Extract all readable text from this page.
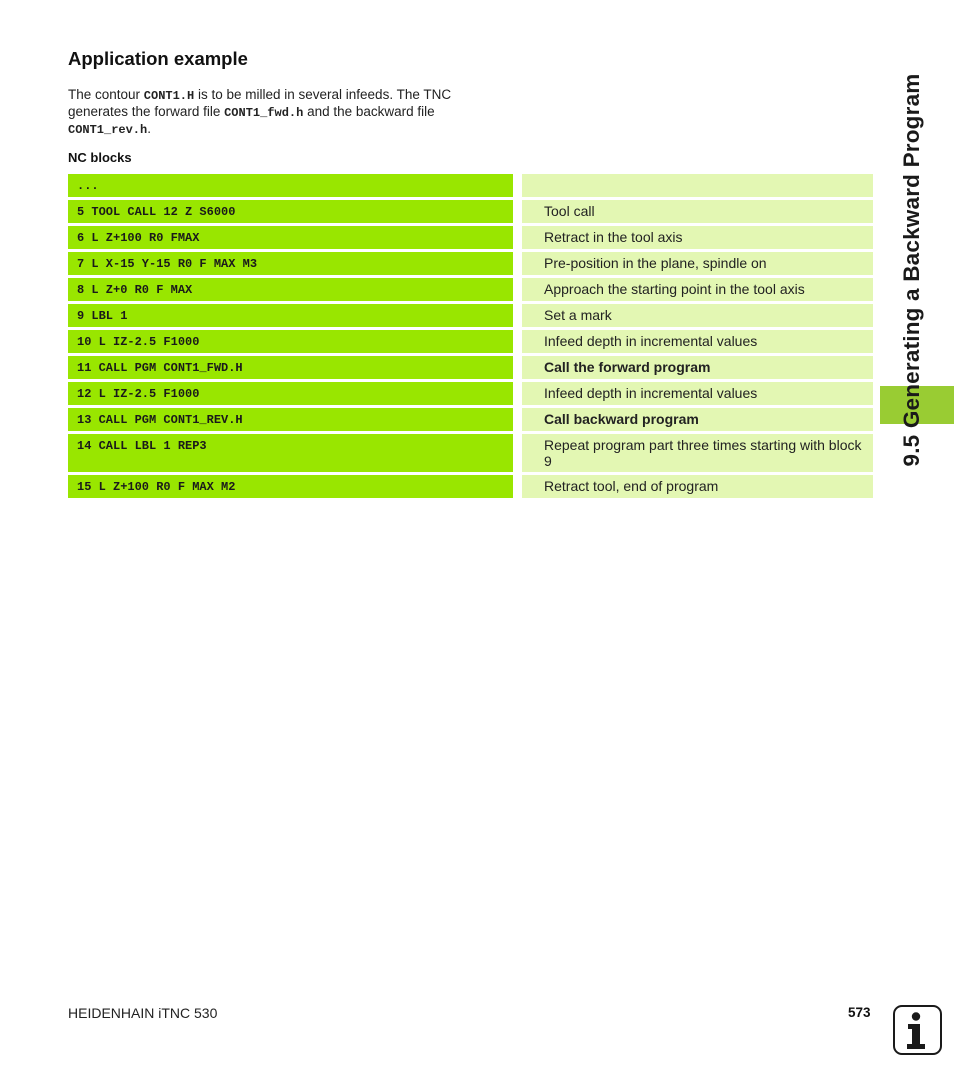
Application example
The contour CONT1.H is to be milled in several infeeds. The TNC generates the forward file CONT1_fwd.h and the backward file CONT1_rev.h.
NC blocks
...		
5 TOOL CALL 12 Z S6000		Tool call
6 L Z+100 R0 FMAX		Retract in the tool axis
7 L X-15 Y-15 R0 F MAX M3		Pre-position in the plane, spindle on
8 L Z+0 R0 F MAX		Approach the starting point in the tool axis
9 LBL 1		Set a mark
10 L IZ-2.5 F1000		Infeed depth in incremental values
11 CALL PGM CONT1_FWD.H		Call the forward program
12 L IZ-2.5 F1000		Infeed depth in incremental values
13 CALL PGM CONT1_REV.H		Call backward program
14 CALL LBL 1 REP3		Repeat program part three times starting with block 9
15 L Z+100 R0 F MAX M2		Retract tool, end of program
9.5 Generating a Backward Program
HEIDENHAIN iTNC 530	573
